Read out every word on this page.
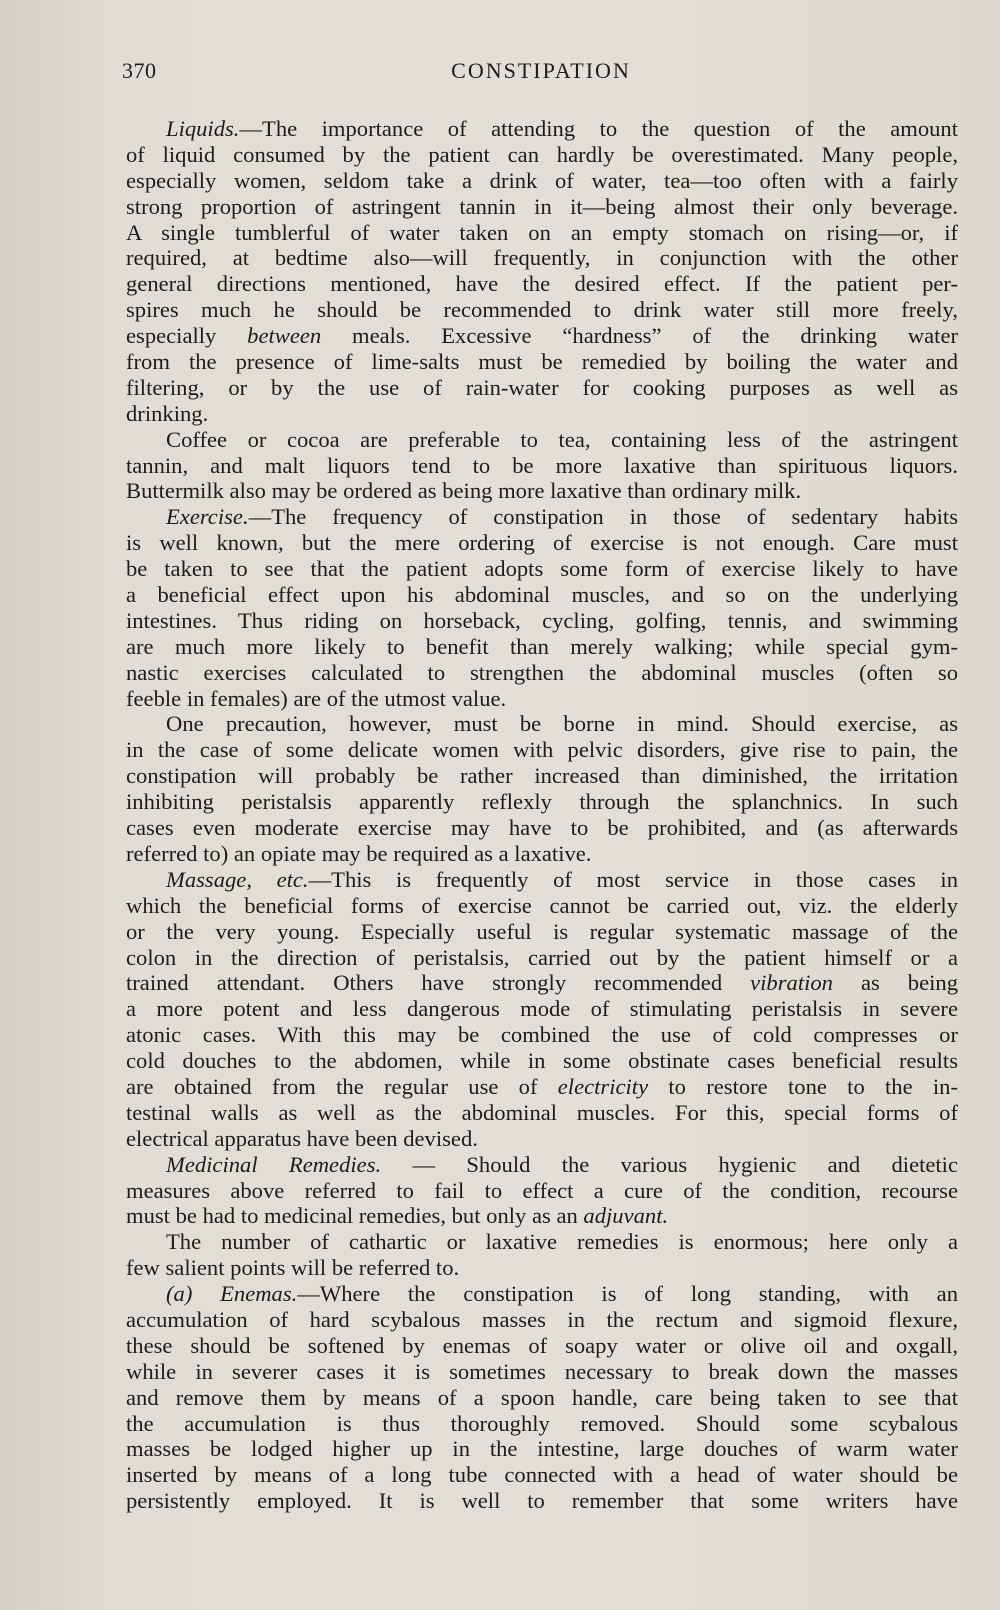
370	CONSTIPATION
Liquids.—The importance of attending to the question of the amount
of liquid consumed by the patient can hardly be overestimated. Many people,
especially women, seldom take a drink of water, tea—too often with a fairly
strong proportion of astringent tannin in it—being almost their only beverage.
A single tumblerful of water taken on an empty stomach on rising—or, if
required, at bedtime also—will frequently, in conjunction with the other
general directions mentioned, have the desired effect. If the patient per-
spires much he should be recommended to drink water still more freely,
especially between meals. Excessive “hardness” of the drinking water
from the presence of lime-salts must be remedied by boiling the water and
filtering, or by the use of rain-water for cooking purposes as well as
drinking.
Coffee or cocoa are preferable to tea, containing less of the astringent
tannin, and malt liquors tend to be more laxative than spirituous liquors.
Buttermilk also may be ordered as being more laxative than ordinary milk.
Exercise.—The frequency of constipation in those of sedentary habits
is well known, but the mere ordering of exercise is not enough. Care must
be taken to see that the patient adopts some form of exercise likely to have
a beneficial effect upon his abdominal muscles, and so on the underlying
intestines. Thus riding on horseback, cycling, golfing, tennis, and swimming
are much more likely to benefit than merely walking; while special gym-
nastic exercises calculated to strengthen the abdominal muscles (often so
feeble in females) are of the utmost value.
One precaution, however, must be borne in mind. Should exercise, as
in the case of some delicate women with pelvic disorders, give rise to pain, the
constipation will probably be rather increased than diminished, the irritation
inhibiting peristalsis apparently reflexly through the splanchnics. In such
cases even moderate exercise may have to be prohibited, and (as afterwards
referred to) an opiate may be required as a laxative.
Massage, etc.—This is frequently of most service in those cases in
which the beneficial forms of exercise cannot be carried out, viz. the elderly
or the very young. Especially useful is regular systematic massage of the
colon in the direction of peristalsis, carried out by the patient himself or a
trained attendant. Others have strongly recommended vibration as being
a more potent and less dangerous mode of stimulating peristalsis in severe
atonic cases. With this may be combined the use of cold compresses or
cold douches to the abdomen, while in some obstinate cases beneficial results
are obtained from the regular use of electricity to restore tone to the in-
testinal walls as well as the abdominal muscles. For this, special forms of
electrical apparatus have been devised.
Medicinal Remedies. — Should the various hygienic and dietetic
measures above referred to fail to effect a cure of the condition, recourse
must be had to medicinal remedies, but only as an adjuvant.
The number of cathartic or laxative remedies is enormous; here only a
few salient points will be referred to.
(a) Enemas.—Where the constipation is of long standing, with an
accumulation of hard scybalous masses in the rectum and sigmoid flexure,
these should be softened by enemas of soapy water or olive oil and oxgall,
while in severer cases it is sometimes necessary to break down the masses
and remove them by means of a spoon handle, care being taken to see that
the accumulation is thus thoroughly removed. Should some scybalous
masses be lodged higher up in the intestine, large douches of warm water
inserted by means of a long tube connected with a head of water should be
persistently employed. It is well to remember that some writers have
